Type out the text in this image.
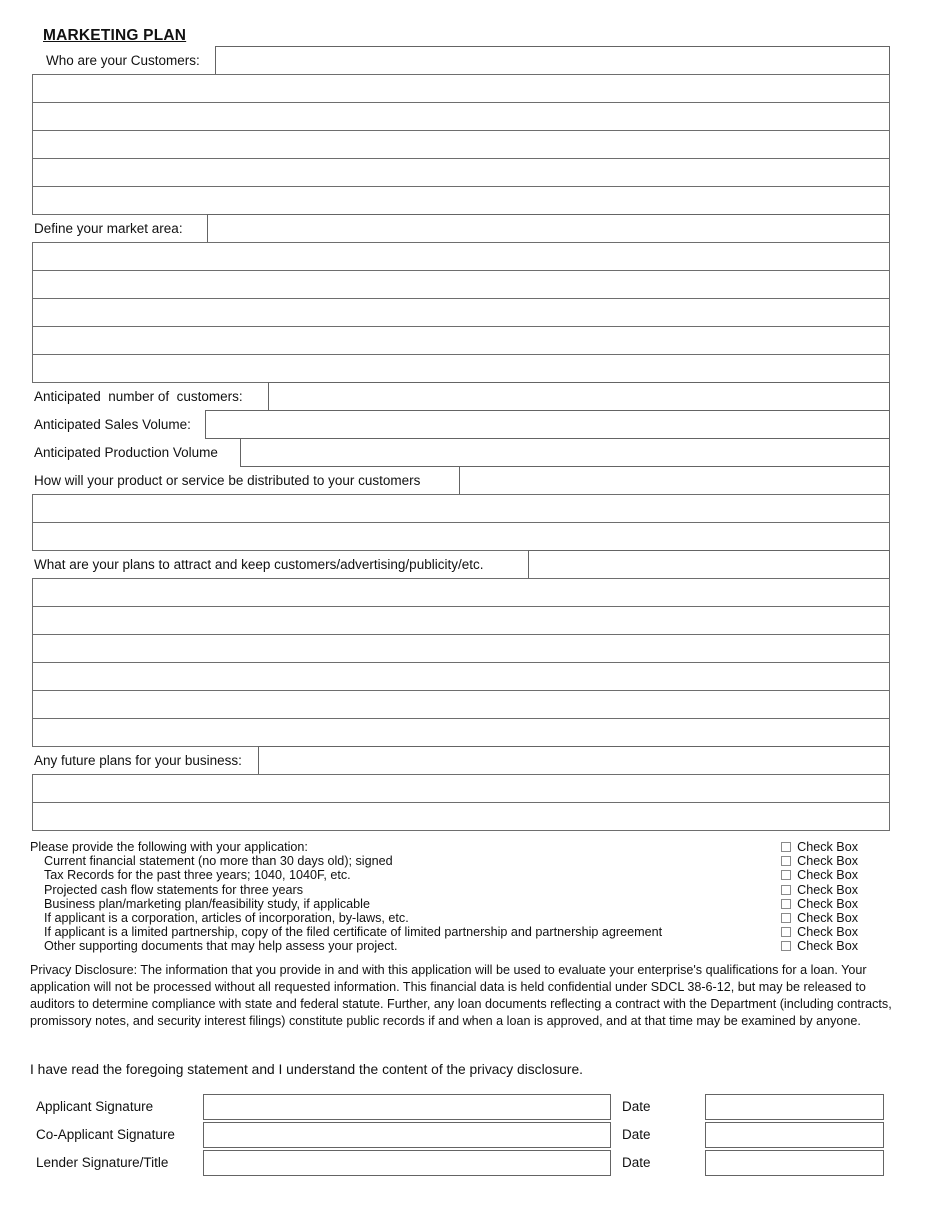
MARKETING PLAN
Who are your Customers:
Define your market area:
Anticipated  number of  customers:
Anticipated Sales Volume:
Anticipated Production Volume
How will your product or service be distributed to your customers
What are your plans to attract and keep customers/advertising/publicity/etc.
Any future plans for your business:
Please provide the following with your application:	Check Box
Current financial statement (no more than 30 days old); signed	Check Box
Tax Records for the past three years; 1040, 1040F, etc.	Check Box
Projected cash flow statements for three years	Check Box
Business plan/marketing plan/feasibility study, if applicable	Check Box
If applicant is a corporation, articles of incorporation, by-laws, etc.	Check Box
If applicant is a limited partnership, copy of the filed certificate of limited partnership and partnership agreement	Check Box
Other supporting documents that may help assess your project.	Check Box
Privacy Disclosure: The information that you provide in and with this application will be used to evaluate your enterprise's qualifications for a loan. Your application will not be processed without all requested information. This financial data is held confidential under SDCL 38-6-12, but may be released to auditors to determine compliance with state and federal statute. Further, any loan documents reflecting a contract with the Department (including contracts, promissory notes, and security interest filings) constitute public records if and when a loan is approved, and at that time may be examined by anyone.
I have read the foregoing statement and I understand the content of the privacy disclosure.
Applicant Signature	Date
Co-Applicant Signature	Date
Lender Signature/Title	Date
